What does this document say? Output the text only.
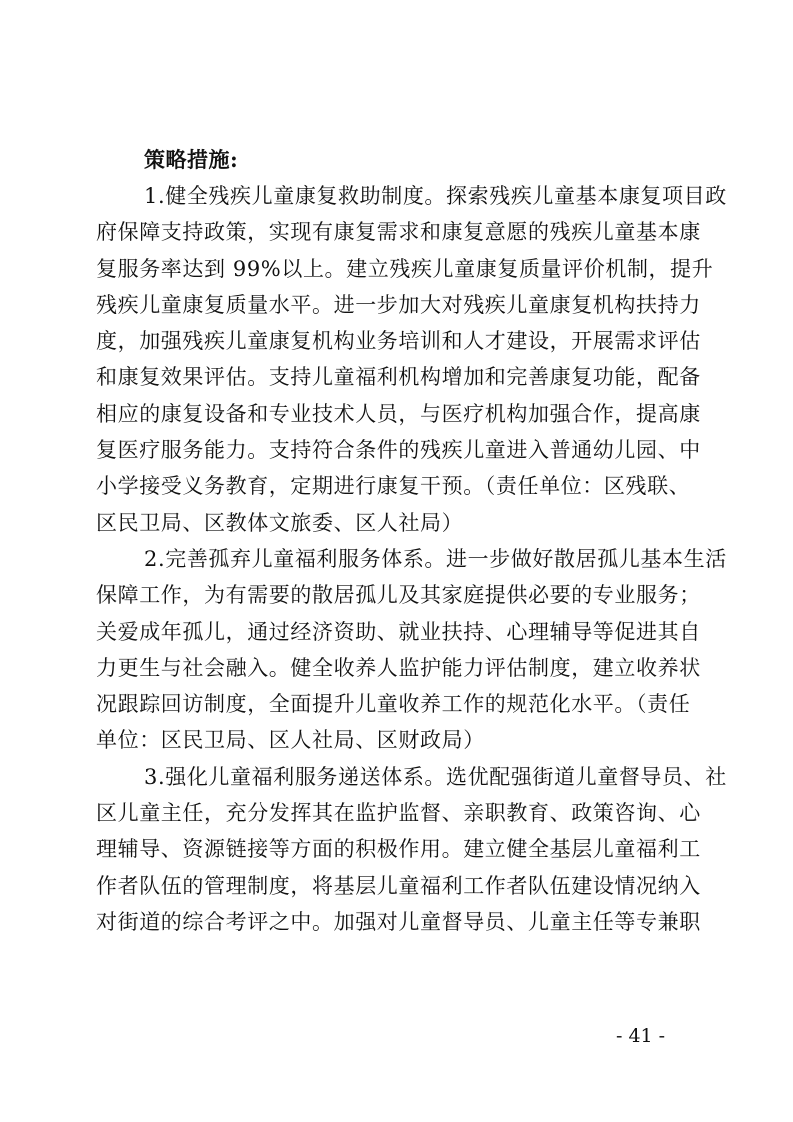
策略措施:

1.健全残疾儿童康复救助制度。探索残疾儿童基本康复项目政
府保障支持政策，实现有康复需求和康复意愿的残疾儿童基本康
复服务率达到 99%以上。建立残疾儿童康复质量评价机制，提升
残疾儿童康复质量水平。进一步加大对残疾儿童康复机构扶持力
度，加强残疾儿童康复机构业务培训和人才建设，开展需求评估
和康复效果评估。支持儿童福利机构增加和完善康复功能，配备
相应的康复设备和专业技术人员，与医疗机构加强合作，提高康
复医疗服务能力。支持符合条件的残疾儿童进入普通幼儿园、中
小学接受义务教育，定期进行康复干预。（责任单位：区残联、
区民卫局、区教体文旅委、区人社局）

2.完善孤弃儿童福利服务体系。进一步做好散居孤儿基本生活
保障工作，为有需要的散居孤儿及其家庭提供必要的专业服务；
关爱成年孤儿，通过经济资助、就业扶持、心理辅导等促进其自
力更生与社会融入。健全收养人监护能力评估制度，建立收养状
况跟踪回访制度，全面提升儿童收养工作的规范化水平。（责任
单位：区民卫局、区人社局、区财政局）

3.强化儿童福利服务递送体系。选优配强街道儿童督导员、社
区儿童主任，充分发挥其在监护监督、亲职教育、政策咨询、心
理辅导、资源链接等方面的积极作用。建立健全基层儿童福利工
作者队伍的管理制度，将基层儿童福利工作者队伍建设情况纳入
对街道的综合考评之中。加强对儿童督导员、儿童主任等专兼职

- 41 -
